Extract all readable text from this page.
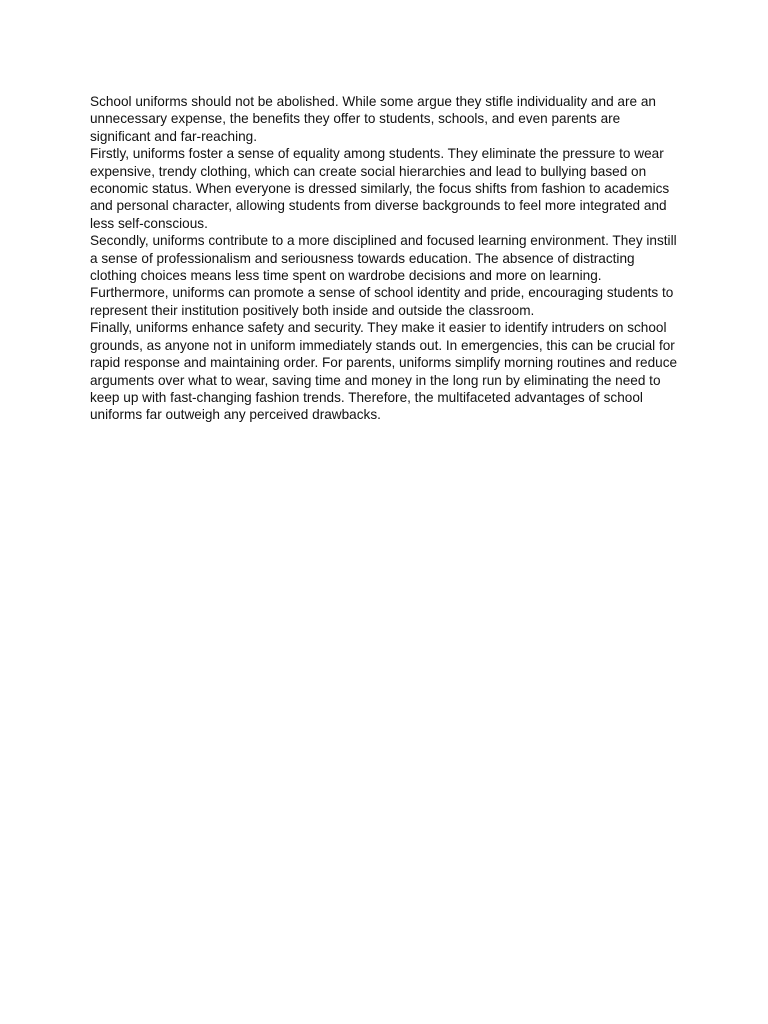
School uniforms should not be abolished. While some argue they stifle individuality and are an unnecessary expense, the benefits they offer to students, schools, and even parents are significant and far-reaching.

Firstly, uniforms foster a sense of equality among students. They eliminate the pressure to wear expensive, trendy clothing, which can create social hierarchies and lead to bullying based on economic status. When everyone is dressed similarly, the focus shifts from fashion to academics and personal character, allowing students from diverse backgrounds to feel more integrated and less self-conscious.

Secondly, uniforms contribute to a more disciplined and focused learning environment. They instill a sense of professionalism and seriousness towards education. The absence of distracting clothing choices means less time spent on wardrobe decisions and more on learning. Furthermore, uniforms can promote a sense of school identity and pride, encouraging students to represent their institution positively both inside and outside the classroom.

Finally, uniforms enhance safety and security. They make it easier to identify intruders on school grounds, as anyone not in uniform immediately stands out. In emergencies, this can be crucial for rapid response and maintaining order. For parents, uniforms simplify morning routines and reduce arguments over what to wear, saving time and money in the long run by eliminating the need to keep up with fast-changing fashion trends. Therefore, the multifaceted advantages of school uniforms far outweigh any perceived drawbacks.
